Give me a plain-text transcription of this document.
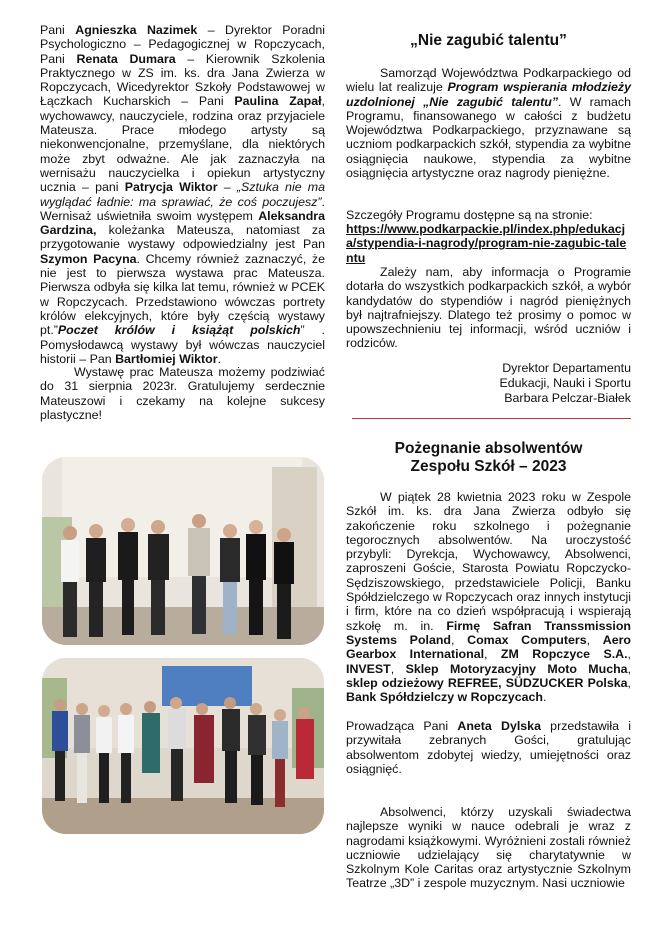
Pani Agnieszka Nazimek – Dyrektor Poradni Psychologiczno – Pedagogicznej w Ropczycach, Pani Renata Dumara – Kierownik Szkolenia Praktycznego w ZS im. ks. dra Jana Zwierza w Ropczycach, Wicedyrektor Szkoły Podstawowej w Łączkach Kucharskich – Pani Paulina Zapał, wychowawcy, nauczyciele, rodzina oraz przyjaciele Mateusza. Prace młodego artysty są niekonwencjonalne, przemyślane, dla niektórych może zbyt odważne. Ale jak zaznaczyła na wernisażu nauczycielka i opiekun artystyczny ucznia – pani Patrycja Wiktor – „Sztuka nie ma wyglądać ładnie: ma sprawiać, że coś poczujesz”. Wernisaż uświetniła swoim występem Aleksandra Gardzina, koleżanka Mateusza, natomiast za przygotowanie wystawy odpowiedzialny jest Pan Szymon Pacyna. Chcemy również zaznaczyć, że nie jest to pierwsza wystawa prac Mateusza. Pierwsza odbyła się kilka lat temu, również w PCEK w Ropczycach. Przedstawiono wówczas portrety królów elekcyjnych, które były częścią wystawy pt.”Poczet królów i książąt polskich” . Pomysłodawcą wystawy był wówczas nauczyciel historii – Pan Bartłomiej Wiktor.

Wystawę prac Mateusza możemy podziwiać do 31 sierpnia 2023r. Gratulujemy serdecznie Mateuszowi i czekamy na kolejne sukcesy plastyczne!

„Nie zagubić talentu”

Samorząd Województwa Podkarpackiego od wielu lat realizuje Program wspierania młodzieży uzdolnionej „Nie zagubić talentu”. W ramach Programu, finansowanego w całości z budżetu Województwa Podkarpackiego, przyznawane są uczniom podkarpackich szkół, stypendia za wybitne osiągnięcia naukowe, stypendia za wybitne osiągnięcia artystyczne oraz nagrody pieniężne.

Szczegóły Programu dostępne są na stronie:

https://www.podkarpackie.pl/index.php/edukacja/stypendia-i-nagrody/program-nie-zagubic-talentu

Zależy nam, aby informacja o Programie dotarła do wszystkich podkarpackich szkół, a wybór kandydatów do stypendiów i nagród pieniężnych był najtrafniejszy. Dlatego też prosimy o pomoc w upowszechnieniu tej informacji, wśród uczniów i rodziców.

Dyrektor Departamentu

Edukacji, Nauki i Sportu

Barbara Pelczar-Białek

Pożegnanie absolwentów
Zespołu Szkół – 2023

W piątek 28 kwietnia 2023 roku w Zespole Szkół im. ks. dra Jana Zwierza odbyło się zakończenie roku szkolnego i pożegnanie tegorocznych absolwentów. Na uroczystość przybyli: Dyrekcja, Wychowawcy, Absolwenci, zaproszeni Goście, Starosta Powiatu Ropczycko-Sędziszowskiego, przedstawiciele Policji, Banku Spółdzielczego w Ropczycach oraz innych instytucji i firm, które na co dzień współpracują i wspierają szkołę m. in. Firmę Safran Transsmission Systems Poland, Comax Computers, Aero Gearbox International, ZM Ropczyce S.A., INVEST, Sklep Motoryzacyjny Moto Mucha, sklep odzieżowy REFREE, SÜDZUCKER Polska, Bank Spółdzielczy w Ropczycach.

Prowadząca Pani Aneta Dylska przedstawiła i przywitała zebranych Gości, gratulując absolwentom zdobytej wiedzy, umiejętności oraz osiągnięć.

Absolwenci, którzy uzyskali świadectwa najlepsze wyniki w nauce odebrali je wraz z nagrodami książkowymi. Wyróżnieni zostali również uczniowie udzielający się charytatywnie w Szkolnym Kole Caritas oraz artystycznie Szkolnym Teatrze „3D” i zespole muzycznym. Nasi uczniowie
